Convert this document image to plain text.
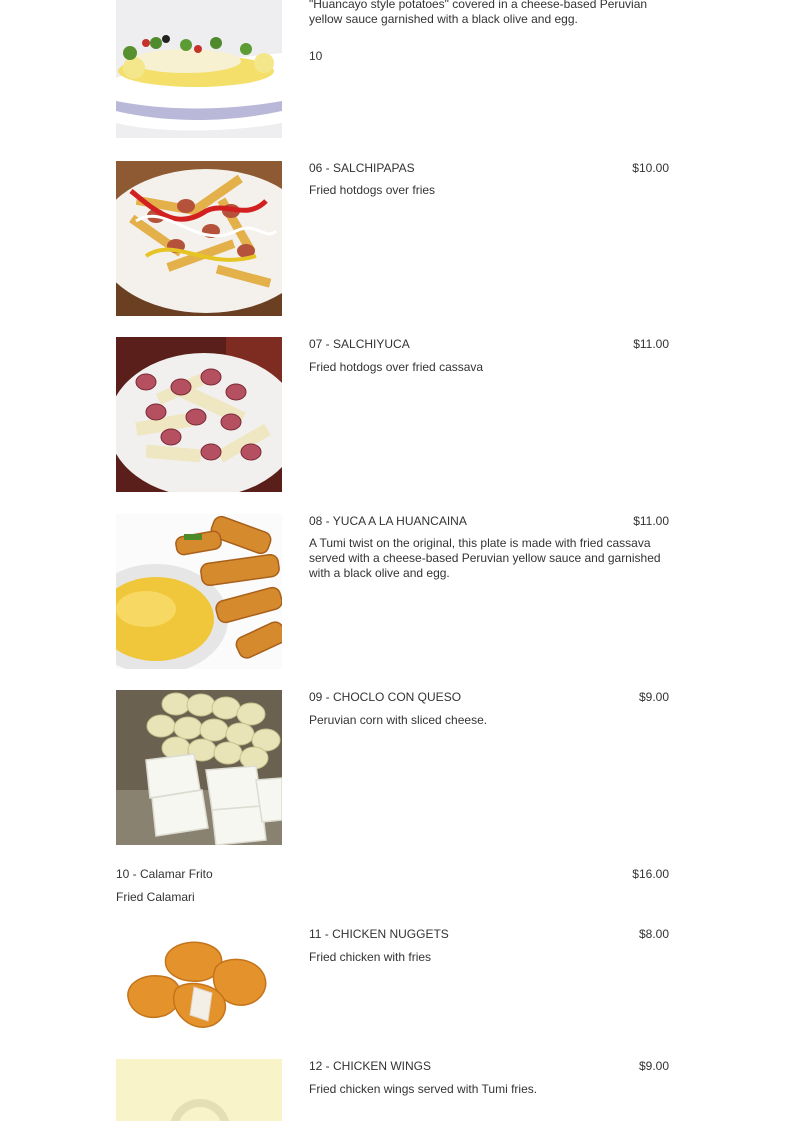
"Huancayo style potatoes" covered in a cheese-based Peruvian yellow sauce garnished with a black olive and egg.
10
06 - SALCHIPAPAS	$10.00
Fried hotdogs over fries
07 - SALCHIYUCA	$11.00
Fried hotdogs over fried cassava
08 - YUCA A LA HUANCAINA	$11.00
A Tumi twist on the original, this plate is made with fried cassava served with a cheese-based Peruvian yellow sauce and garnished with a black olive and egg.
09 - CHOCLO CON QUESO	$9.00
Peruvian corn with sliced cheese.
10 - Calamar Frito	$16.00
Fried Calamari
11 - CHICKEN NUGGETS	$8.00
Fried chicken with fries
12 - CHICKEN WINGS	$9.00
Fried chicken wings served with Tumi fries.
